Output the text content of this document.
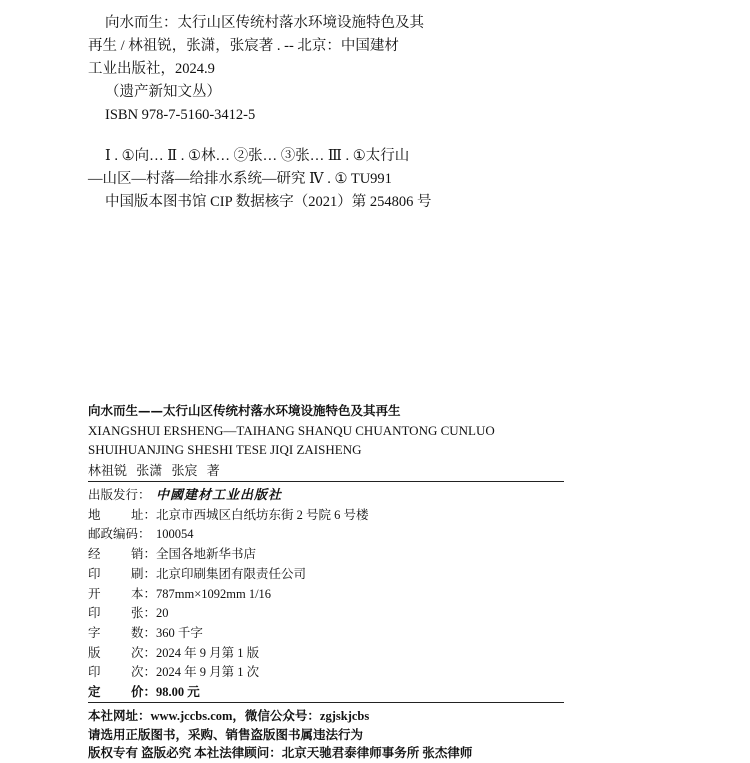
向水而生：太行山区传统村落水环境设施特色及其
再生 / 林祖锐，张潇，张宸著 . -- 北京：中国建材
工业出版社，2024.9
（遗产新知文丛）
ISBN 978-7-5160-3412-5
Ⅰ . ①向… Ⅱ . ①林… ②张… ③张… Ⅲ . ①太行山
—山区—村落—给排水系统—研究 Ⅳ . ① TU991
中国版本图书馆 CIP 数据核字（2021）第 254806 号
向水而生——太行山区传统村落水环境设施特色及其再生
XIANGSHUI ERSHENG—TAIHANG SHANQU CHUANTONG CUNLUO
SHUIHUANJING SHESHI TESE JIQI ZAISHENG
林祖锐 张潇 张宸 著
出版发行： 中國建材工业出版社
地 址： 北京市西城区白纸坊东街 2 号院 6 号楼
邮政编码： 100054
经 销： 全国各地新华书店
印 刷： 北京印刷集团有限责任公司
开 本： 787mm×1092mm 1/16
印 张： 20
字 数： 360 千字
版 次： 2024 年 9 月第 1 版
印 次： 2024 年 9 月第 1 次
定 价： 98.00 元
本社网址：www.jccbs.com，微信公众号：zgjskjcbs
请选用正版图书，采购、销售盗版图书属违法行为
版权专有 盗版必究 本社法律顾问：北京天驰君泰律师事务所 张杰律师
